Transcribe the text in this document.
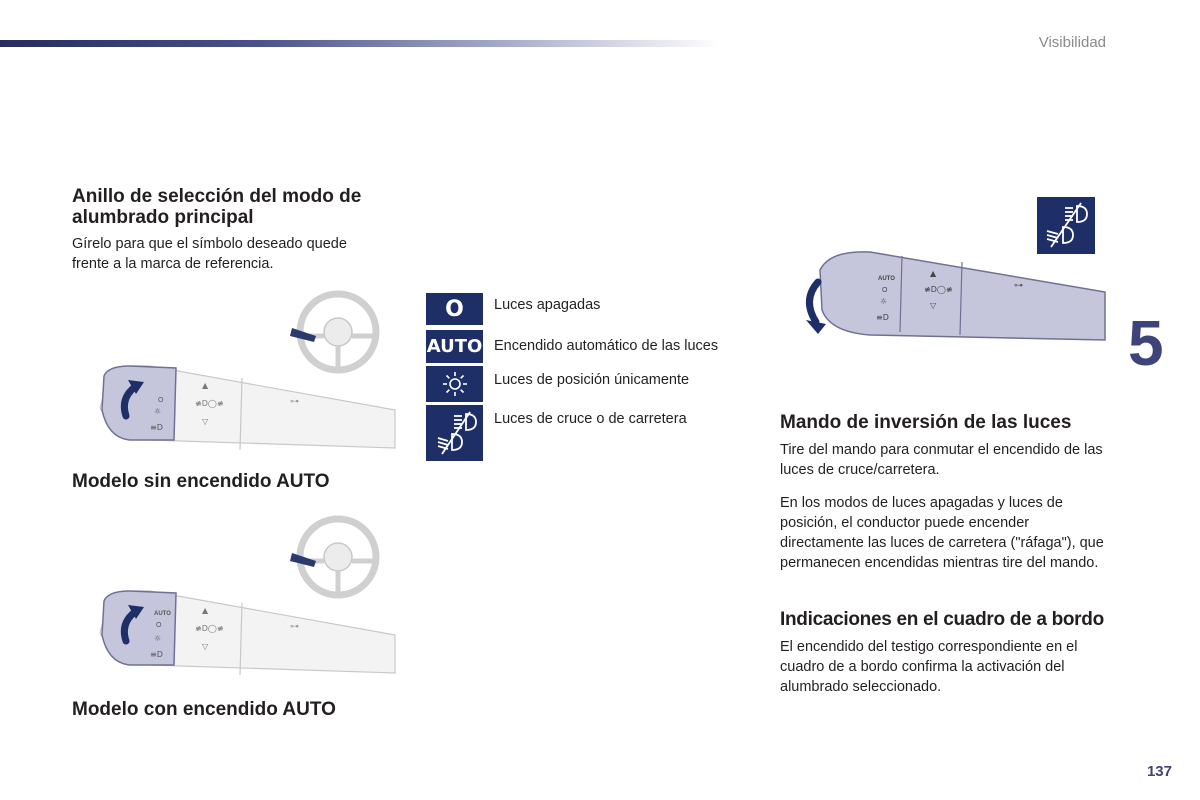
Visibilidad
5
137
Anillo de selección del modo de alumbrado principal

Gírelo para que el símbolo deseado quede frente a la marca de referencia.

O
☼
≡D
▲
≢D◯≢
▽
⊶
Modelo sin encendido AUTO
AUTO
O
☼
≡D
▲
≢D◯≢
▽
⊶
Modelo con encendido AUTO
O	Luces apagadas
AUTO Encendido automático de las luces
Luces de posición únicamente
Luces de cruce o de carretera
AUTO
O
☼
≡D
▲
≢D◯≢
▽
⊶
Mando de inversión de las luces

Tire del mando para conmutar el encendido de las luces de cruce/carretera.

En los modos de luces apagadas y luces de posición, el conductor puede encender directamente las luces de carretera ("ráfaga"), que permanecen encendidas mientras tire del mando.

Indicaciones en el cuadro de a bordo

El encendido del testigo correspondiente en el cuadro de a bordo confirma la activación del alumbrado seleccionado.
